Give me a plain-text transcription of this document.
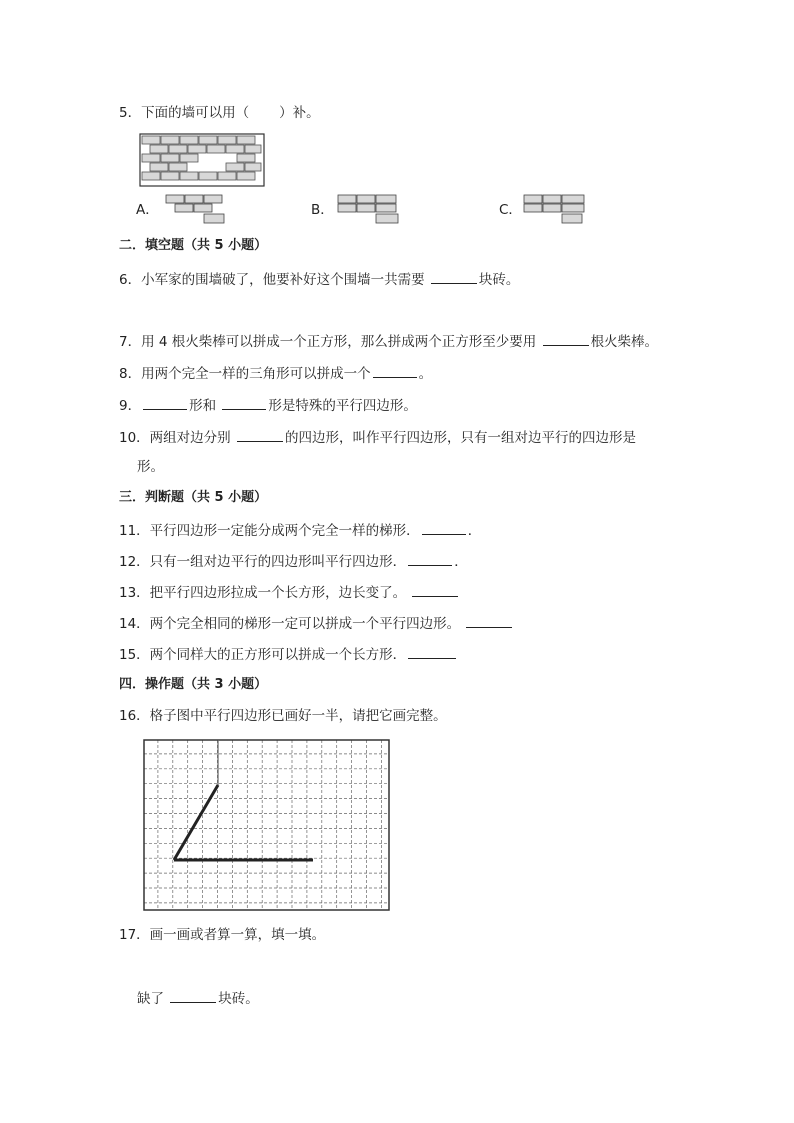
5．下面的墙可以用（ ）补。
A．	B．	C．
二．填空题（共 5 小题）
6．小军家的围墙破了，他要补好这个围墙一共需要	块砖。
7．用 4 根火柴棒可以拼成一个正方形，那么拼成两个正方形至少要用	根火柴棒。
8．用两个完全一样的三角形可以拼成一个	。
9．	形和	形是特殊的平行四边形。
10．两组对边分别	的四边形，叫作平行四边形，只有一组对边平行的四边形是
形。
三．判断题（共 5 小题）
11．平行四边形一定能分成两个完全一样的梯形．	．
12．只有一组对边平行的四边形叫平行四边形．	．
13．把平行四边形拉成一个长方形，边长变了。
14．两个完全相同的梯形一定可以拼成一个平行四边形。
15．两个同样大的正方形可以拼成一个长方形．
四．操作题（共 3 小题）
16．格子图中平行四边形已画好一半，请把它画完整。
17．画一画或者算一算，填一填。
缺了	块砖。
